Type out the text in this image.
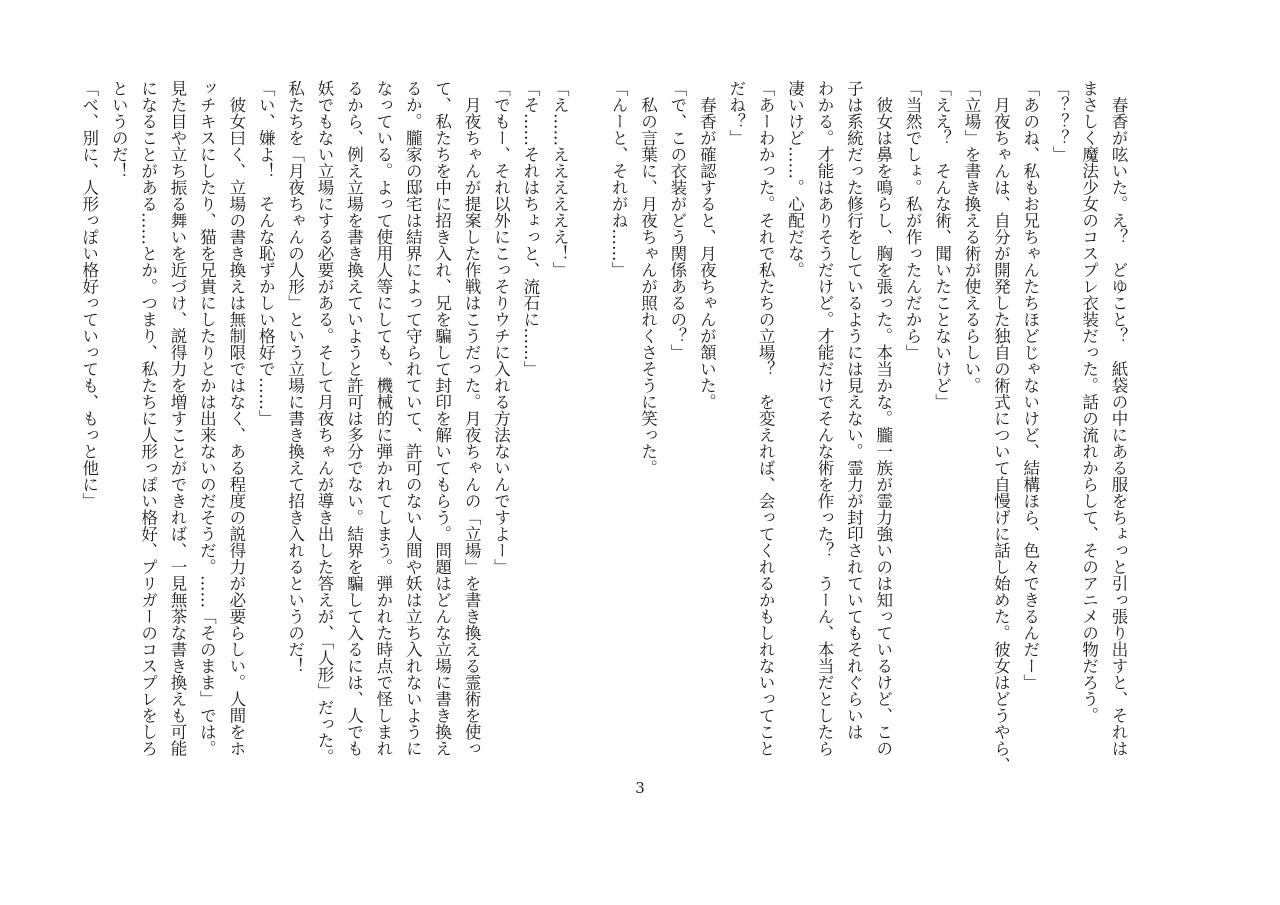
　春香が呟いた。え？　どゆこと？　紙袋の中にある服をちょっと引っ張り出すと、それは
まさしく魔法少女のコスプレ衣装だった。話の流れからして、そのアニメの物だろう。
「？？？」
「あのね、私もお兄ちゃんたちほどじゃないけど、結構ほら、色々できるんだー」
　月夜ちゃんは、自分が開発した独自の術式について自慢げに話し始めた。彼女はどうやら、
「立場」を書き換える術が使えるらしい。
「ええ？　そんな術、聞いたことないけど」
「当然でしょ。私が作ったんだから」
　彼女は鼻を鳴らし、胸を張った。本当かな。朧一族が霊力強いのは知っているけど、この
子は系統だった修行をしているようには見えない。霊力が封印されていてもそれぐらいは
わかる。才能はありそうだけど。才能だけでそんな術を作った？　うーん、本当だとしたら
凄いけど……。心配だな。
「あーわかった。それで私たちの立場？　を変えれば、会ってくれるかもしれないってこと
だね？」
　春香が確認すると、月夜ちゃんが頷いた。
「で、この衣装がどう関係あるの？」
　私の言葉に、月夜ちゃんが照れくさそうに笑った。
「んーと、それがね……」

「え……ええええええ！」
「そ……それはちょっと、流石に……」
「でもー、それ以外にこっそりウチに入れる方法ないんですよー」
　月夜ちゃんが提案した作戦はこうだった。月夜ちゃんの「立場」を書き換える霊術を使っ
て、私たちを中に招き入れ、兄を騙して封印を解いてもらう。問題はどんな立場に書き換え
るか。朧家の邸宅は結界によって守られていて、許可のない人間や妖は立ち入れないように
なっている。よって使用人等にしても、機械的に弾かれてしまう。弾かれた時点で怪しまれ
るから、例え立場を書き換えていようと許可は多分でない。結界を騙して入るには、人でも
妖でもない立場にする必要がある。そして月夜ちゃんが導き出した答えが、「人形」だった。
私たちを「月夜ちゃんの人形」という立場に書き換えて招き入れるというのだ！
「い、嫌よ！　そんな恥ずかしい格好で……」
　彼女曰く、立場の書き換えは無制限ではなく、ある程度の説得力が必要らしい。人間をホ
ッチキスにしたり、猫を兄貴にしたりとかは出来ないのだそうだ。……「そのまま」では。
見た目や立ち振る舞いを近づけ、説得力を増すことができれば、一見無茶な書き換えも可能
になることがある……とか。つまり、私たちに人形っぽい格好、プリガーのコスプレをしろ
というのだ！
「べ、別に、人形っぽい格好っていっても、もっと他に」
3
